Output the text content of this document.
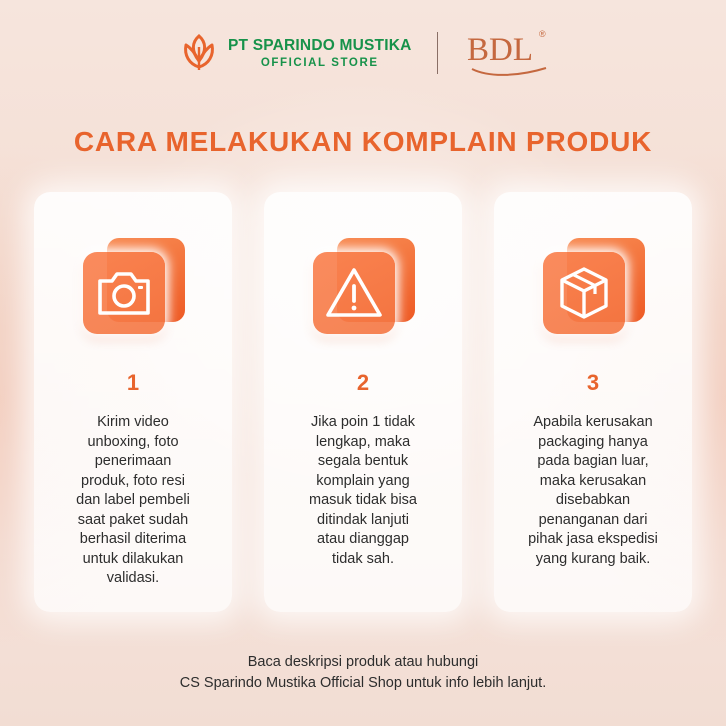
PT SPARINDO MUSTIKA
OFFICIAL STORE	BDL ®
CARA MELAKUKAN KOMPLAIN PRODUK
1
Kirim video
unboxing, foto
penerimaan
produk, foto resi
dan label pembeli
saat paket sudah
berhasil diterima
untuk dilakukan
validasi.
2
Jika poin 1 tidak
lengkap, maka
segala bentuk
komplain yang
masuk tidak bisa
ditindak lanjuti
atau dianggap
tidak sah.
3
Apabila kerusakan
packaging hanya
pada bagian luar,
maka kerusakan
disebabkan
penanganan dari
pihak jasa ekspedisi
yang kurang baik.
Baca deskripsi produk atau hubungi
CS Sparindo Mustika Official Shop untuk info lebih lanjut.
